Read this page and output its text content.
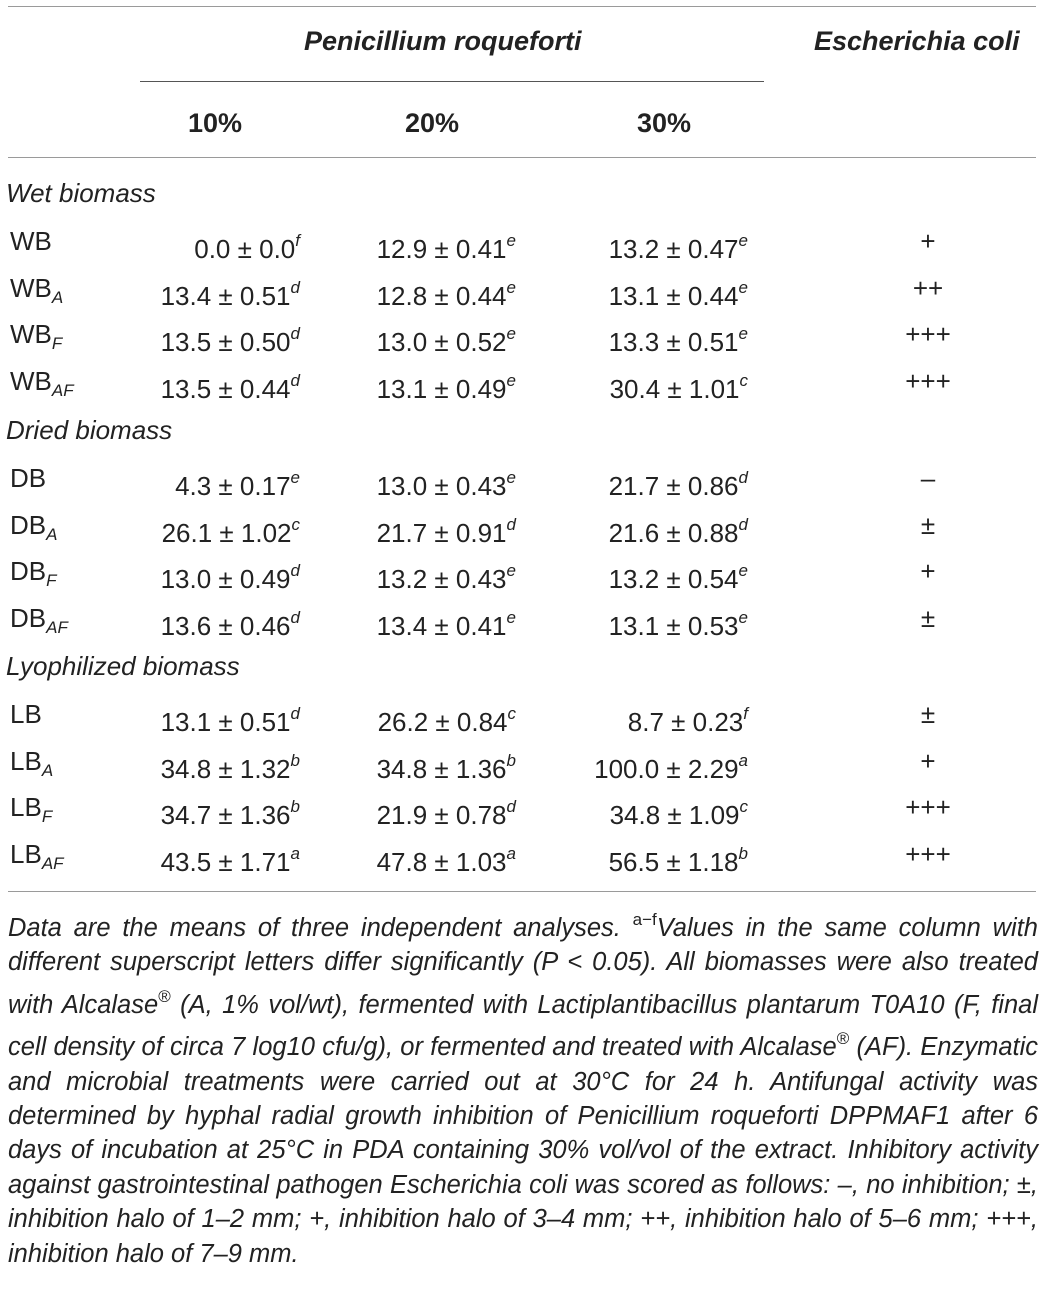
Penicillium roqueforti	Escherichia coli
10%	20%	30%
Wet biomass
WB	0.0 ± 0.0$^f$	12.9 ± 0.41$^e$	13.2 ± 0.47$^e$	+
$WB_A$	13.4 ± 0.51$^d$	12.8 ± 0.44$^e$	13.1 ± 0.44$^e$	++
$WB_F$	13.5 ± 0.50$^d$	13.0 ± 0.52$^e$	13.3 ± 0.51$^e$	+++
$WB_{AF}$	13.5 ± 0.44$^d$	13.1 ± 0.49$^e$	30.4 ± 1.01$^c$	+++
Dried biomass
DB	4.3 ± 0.17$^e$	13.0 ± 0.43$^e$	21.7 ± 0.86$^d$	–
$DB_A$	26.1 ± 1.02$^c$	21.7 ± 0.91$^d$	21.6 ± 0.88$^d$	±
$DB_F$	13.0 ± 0.49$^d$	13.2 ± 0.43$^e$	13.2 ± 0.54$^e$	+
$DB_{AF}$	13.6 ± 0.46$^d$	13.4 ± 0.41$^e$	13.1 ± 0.53$^e$	±
Lyophilized biomass
LB	13.1 ± 0.51$^d$	26.2 ± 0.84$^c$	8.7 ± 0.23$^f$	±
$LB_A$	34.8 ± 1.32$^b$	34.8 ± 1.36$^b$	100.0 ± 2.29$^a$	+
$LB_F$	34.7 ± 1.36$^b$	21.9 ± 0.78$^d$	34.8 ± 1.09$^c$	+++
$LB_{AF}$	43.5 ± 1.71$^a$	47.8 ± 1.03$^a$	56.5 ± 1.18$^b$	+++
Data are the means of three independent analyses. $^{a-f}$Values in the same column with different superscript letters differ significantly (P < 0.05). All biomasses were also treated with Alcalase® (A, 1% vol/wt), fermented with Lactiplantibacillus plantarum T0A10 (F, final cell density of circa 7 log10 cfu/g), or fermented and treated with Alcalase® (AF). Enzymatic and microbial treatments were carried out at 30°C for 24 h. Antifungal activity was determined by hyphal radial growth inhibition of Penicillium roqueforti DPPMAF1 after 6 days of incubation at 25°C in PDA containing 30% vol/vol of the extract. Inhibitory activity against gastrointestinal pathogen Escherichia coli was scored as follows: –, no inhibition; ±, inhibition halo of 1–2 mm; +, inhibition halo of 3–4 mm; ++, inhibition halo of 5–6 mm; +++, inhibition halo of 7–9 mm.
